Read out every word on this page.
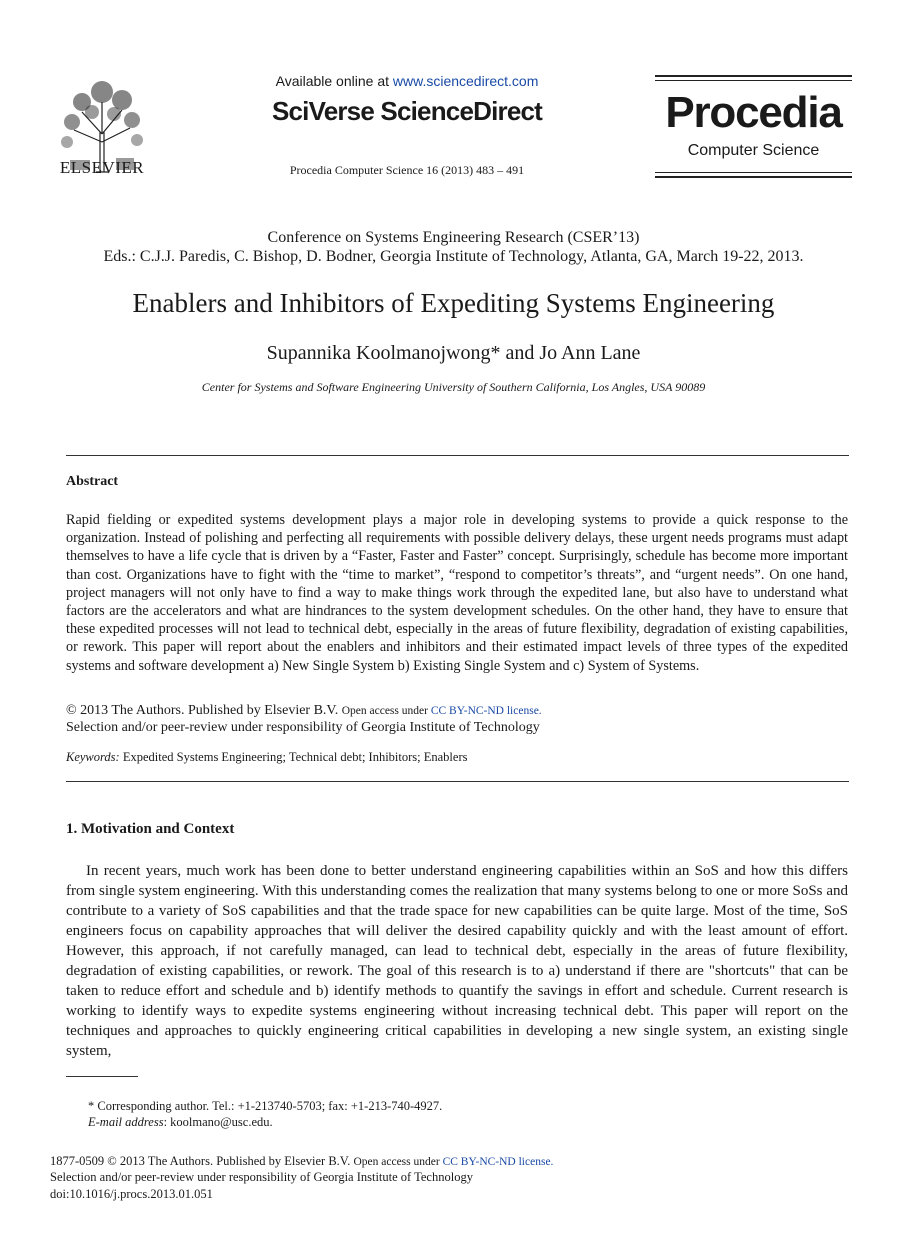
ELSEVIER
Available online at www.sciencedirect.com
SciVerse ScienceDirect
Procedia Computer Science 16 (2013) 483 – 491
Procedia
Computer Science
Conference on Systems Engineering Research (CSER’13)
Eds.: C.J.J. Paredis, C. Bishop, D. Bodner, Georgia Institute of Technology, Atlanta, GA, March 19-22, 2013.
Enablers and Inhibitors of Expediting Systems Engineering
Supannika Koolmanojwong* and Jo Ann Lane
Center for Systems and Software Engineering University of Southern California, Los Angles, USA 90089
Abstract

Rapid fielding or expedited systems development plays a major role in developing systems to provide a quick response to the organization. Instead of polishing and perfecting all requirements with possible delivery delays, these urgent needs programs must adapt themselves to have a life cycle that is driven by a “Faster, Faster and Faster” concept. Surprisingly, schedule has become more important than cost. Organizations have to fight with the “time to market”, “respond to competitor’s threats”, and “urgent needs”. On one hand, project managers will not only have to find a way to make things work through the expedited lane, but also have to understand what factors are the accelerators and what are hindrances to the system development schedules. On the other hand, they have to ensure that these expedited processes will not lead to technical debt, especially in the areas of future flexibility, degradation of existing capabilities, or rework. This paper will report about the enablers and inhibitors and their estimated impact levels of three types of the expedited systems and software development a) New Single System b) Existing Single System and c) System of Systems.

© 2013 The Authors. Published by Elsevier B.V. Open access under CC BY-NC-ND license.
Selection and/or peer-review under responsibility of Georgia Institute of Technology
Keywords: Expedited Systems Engineering; Technical debt; Inhibitors; Enablers
1. Motivation and Context

In recent years, much work has been done to better understand engineering capabilities within an SoS and how this differs from single system engineering. With this understanding comes the realization that many systems belong to one or more SoSs and contribute to a variety of SoS capabilities and that the trade space for new capabilities can be quite large. Most of the time, SoS engineers focus on capability approaches that will deliver the desired capability quickly and with the least amount of effort. However, this approach, if not carefully managed, can lead to technical debt, especially in the areas of future flexibility, degradation of existing capabilities, or rework. The goal of this research is to a) understand if there are "shortcuts" that can be taken to reduce effort and schedule and b) identify methods to quantify the savings in effort and schedule. Current research is working to identify ways to expedite systems engineering without increasing technical debt. This paper will report on the techniques and approaches to quickly engineering critical capabilities in developing a new single system, an existing single system,

* Corresponding author. Tel.: +1-213740-5703; fax: +1-213-740-4927.
E-mail address: koolmano@usc.edu.
1877-0509 © 2013 The Authors. Published by Elsevier B.V. Open access under CC BY-NC-ND license.
Selection and/or peer-review under responsibility of Georgia Institute of Technology
doi:10.1016/j.procs.2013.01.051
